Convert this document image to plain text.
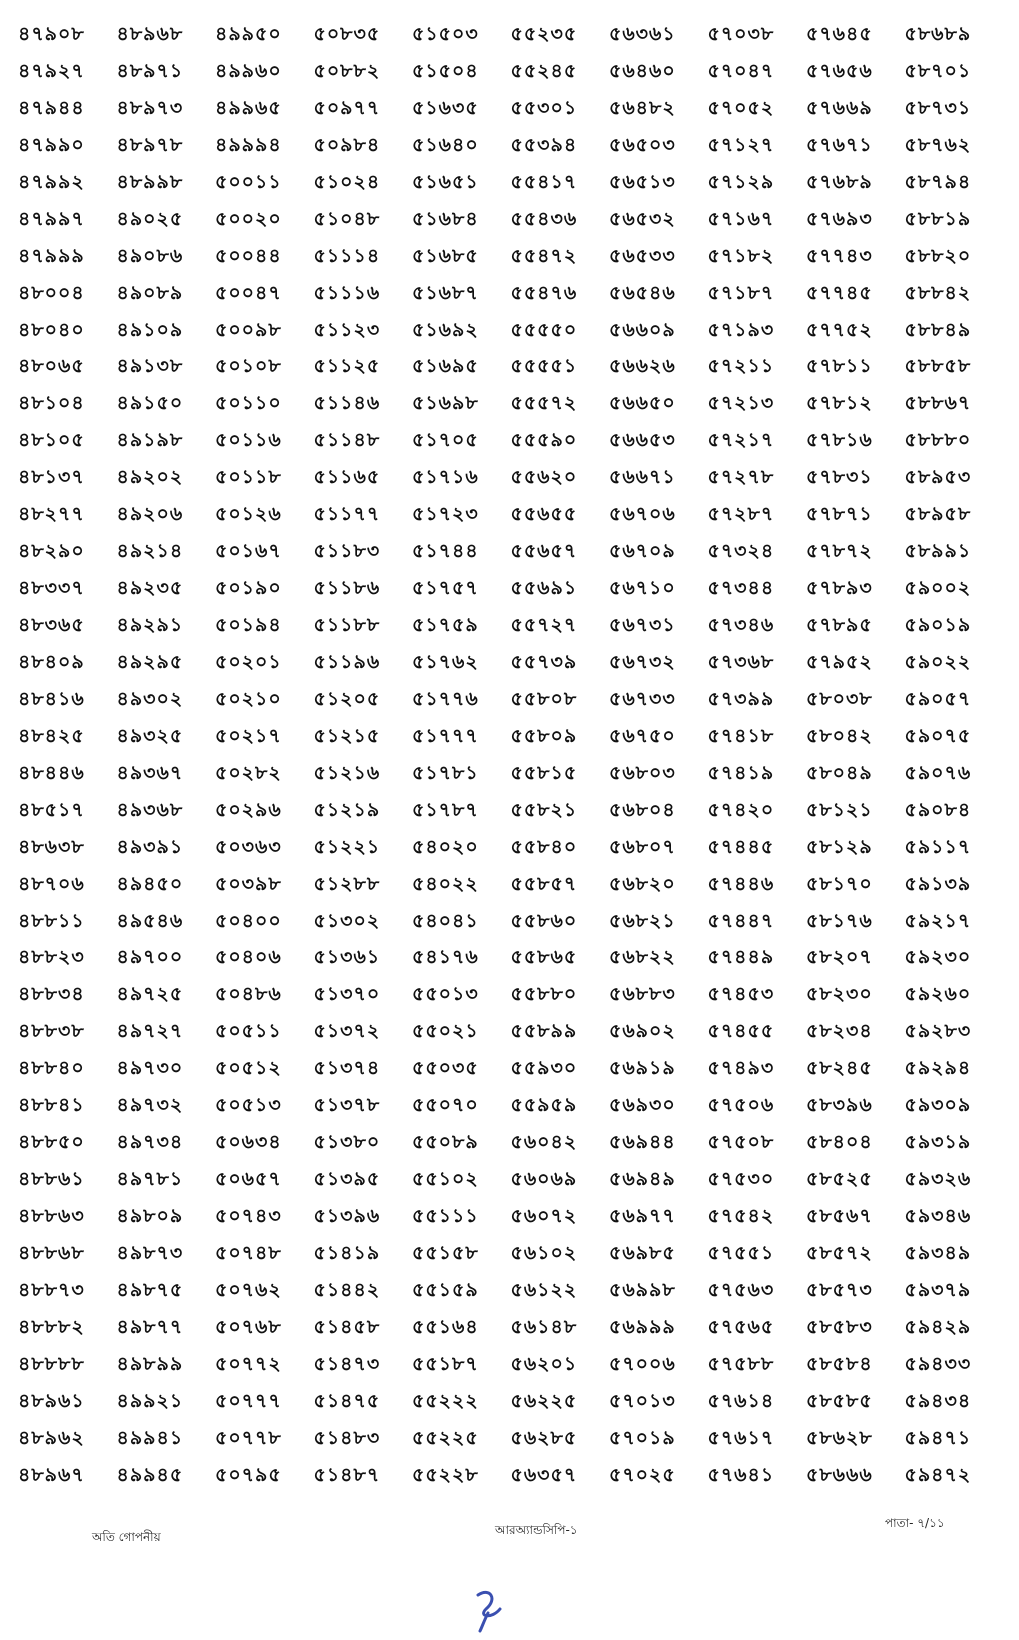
৪৭৯০৮	৪৮৯৬৮	৪৯৯৫০	৫০৮৩৫	৫১৫০৩	৫৫২৩৫	৫৬৩৬১	৫৭০৩৮	৫৭৬৪৫	৫৮৬৮৯
৪৭৯২৭	৪৮৯৭১	৪৯৯৬০	৫০৮৮২	৫১৫০৪	৫৫২৪৫	৫৬৪৬০	৫৭০৪৭	৫৭৬৫৬	৫৮৭০১
৪৭৯৪৪	৪৮৯৭৩	৪৯৯৬৫	৫০৯৭৭	৫১৬৩৫	৫৫৩০১	৫৬৪৮২	৫৭০৫২	৫৭৬৬৯	৫৮৭৩১
৪৭৯৯০	৪৮৯৭৮	৪৯৯৯৪	৫০৯৮৪	৫১৬৪০	৫৫৩৯৪	৫৬৫০৩	৫৭১২৭	৫৭৬৭১	৫৮৭৬২
৪৭৯৯২	৪৮৯৯৮	৫০০১১	৫১০২৪	৫১৬৫১	৫৫৪১৭	৫৬৫১৩	৫৭১২৯	৫৭৬৮৯	৫৮৭৯৪
৪৭৯৯৭	৪৯০২৫	৫০০২০	৫১০৪৮	৫১৬৮৪	৫৫৪৩৬	৫৬৫৩২	৫৭১৬৭	৫৭৬৯৩	৫৮৮১৯
৪৭৯৯৯	৪৯০৮৬	৫০০৪৪	৫১১১৪	৫১৬৮৫	৫৫৪৭২	৫৬৫৩৩	৫৭১৮২	৫৭৭৪৩	৫৮৮২০
৪৮০০৪	৪৯০৮৯	৫০০৪৭	৫১১১৬	৫১৬৮৭	৫৫৪৭৬	৫৬৫৪৬	৫৭১৮৭	৫৭৭৪৫	৫৮৮৪২
৪৮০৪০	৪৯১০৯	৫০০৯৮	৫১১২৩	৫১৬৯২	৫৫৫৫০	৫৬৬০৯	৫৭১৯৩	৫৭৭৫২	৫৮৮৪৯
৪৮০৬৫	৪৯১৩৮	৫০১০৮	৫১১২৫	৫১৬৯৫	৫৫৫৫১	৫৬৬২৬	৫৭২১১	৫৭৮১১	৫৮৮৫৮
৪৮১০৪	৪৯১৫০	৫০১১০	৫১১৪৬	৫১৬৯৮	৫৫৫৭২	৫৬৬৫০	৫৭২১৩	৫৭৮১২	৫৮৮৬৭
৪৮১০৫	৪৯১৯৮	৫০১১৬	৫১১৪৮	৫১৭০৫	৫৫৫৯০	৫৬৬৫৩	৫৭২১৭	৫৭৮১৬	৫৮৮৮০
৪৮১৩৭	৪৯২০২	৫০১১৮	৫১১৬৫	৫১৭১৬	৫৫৬২০	৫৬৬৭১	৫৭২৭৮	৫৭৮৩১	৫৮৯৫৩
৪৮২৭৭	৪৯২০৬	৫০১২৬	৫১১৭৭	৫১৭২৩	৫৫৬৫৫	৫৬৭০৬	৫৭২৮৭	৫৭৮৭১	৫৮৯৫৮
৪৮২৯০	৪৯২১৪	৫০১৬৭	৫১১৮৩	৫১৭৪৪	৫৫৬৫৭	৫৬৭০৯	৫৭৩২৪	৫৭৮৭২	৫৮৯৯১
৪৮৩৩৭	৪৯২৩৫	৫০১৯০	৫১১৮৬	৫১৭৫৭	৫৫৬৯১	৫৬৭১০	৫৭৩৪৪	৫৭৮৯৩	৫৯০০২
৪৮৩৬৫	৪৯২৯১	৫০১৯৪	৫১১৮৮	৫১৭৫৯	৫৫৭২৭	৫৬৭৩১	৫৭৩৪৬	৫৭৮৯৫	৫৯০১৯
৪৮৪০৯	৪৯২৯৫	৫০২০১	৫১১৯৬	৫১৭৬২	৫৫৭৩৯	৫৬৭৩২	৫৭৩৬৮	৫৭৯৫২	৫৯০২২
৪৮৪১৬	৪৯৩০২	৫০২১০	৫১২০৫	৫১৭৭৬	৫৫৮০৮	৫৬৭৩৩	৫৭৩৯৯	৫৮০৩৮	৫৯০৫৭
৪৮৪২৫	৪৯৩২৫	৫০২১৭	৫১২১৫	৫১৭৭৭	৫৫৮০৯	৫৬৭৫০	৫৭৪১৮	৫৮০৪২	৫৯০৭৫
৪৮৪৪৬	৪৯৩৬৭	৫০২৮২	৫১২১৬	৫১৭৮১	৫৫৮১৫	৫৬৮০৩	৫৭৪১৯	৫৮০৪৯	৫৯০৭৬
৪৮৫১৭	৪৯৩৬৮	৫০২৯৬	৫১২১৯	৫১৭৮৭	৫৫৮২১	৫৬৮০৪	৫৭৪২০	৫৮১২১	৫৯০৮৪
৪৮৬৩৮	৪৯৩৯১	৫০৩৬৩	৫১২২১	৫৪০২০	৫৫৮৪০	৫৬৮০৭	৫৭৪৪৫	৫৮১২৯	৫৯১১৭
৪৮৭০৬	৪৯৪৫০	৫০৩৯৮	৫১২৮৮	৫৪০২২	৫৫৮৫৭	৫৬৮২০	৫৭৪৪৬	৫৮১৭০	৫৯১৩৯
৪৮৮১১	৪৯৫৪৬	৫০৪০০	৫১৩০২	৫৪০৪১	৫৫৮৬০	৫৬৮২১	৫৭৪৪৭	৫৮১৭৬	৫৯২১৭
৪৮৮২৩	৪৯৭০০	৫০৪০৬	৫১৩৬১	৫৪১৭৬	৫৫৮৬৫	৫৬৮২২	৫৭৪৪৯	৫৮২০৭	৫৯২৩০
৪৮৮৩৪	৪৯৭২৫	৫০৪৮৬	৫১৩৭০	৫৫০১৩	৫৫৮৮০	৫৬৮৮৩	৫৭৪৫৩	৫৮২৩০	৫৯২৬০
৪৮৮৩৮	৪৯৭২৭	৫০৫১১	৫১৩৭২	৫৫০২১	৫৫৮৯৯	৫৬৯০২	৫৭৪৫৫	৫৮২৩৪	৫৯২৮৩
৪৮৮৪০	৪৯৭৩০	৫০৫১২	৫১৩৭৪	৫৫০৩৫	৫৫৯৩০	৫৬৯১৯	৫৭৪৯৩	৫৮২৪৫	৫৯২৯৪
৪৮৮৪১	৪৯৭৩২	৫০৫১৩	৫১৩৭৮	৫৫০৭০	৫৫৯৫৯	৫৬৯৩০	৫৭৫০৬	৫৮৩৯৬	৫৯৩০৯
৪৮৮৫০	৪৯৭৩৪	৫০৬৩৪	৫১৩৮০	৫৫০৮৯	৫৬০৪২	৫৬৯৪৪	৫৭৫০৮	৫৮৪০৪	৫৯৩১৯
৪৮৮৬১	৪৯৭৮১	৫০৬৫৭	৫১৩৯৫	৫৫১০২	৫৬০৬৯	৫৬৯৪৯	৫৭৫৩০	৫৮৫২৫	৫৯৩২৬
৪৮৮৬৩	৪৯৮০৯	৫০৭৪৩	৫১৩৯৬	৫৫১১১	৫৬০৭২	৫৬৯৭৭	৫৭৫৪২	৫৮৫৬৭	৫৯৩৪৬
৪৮৮৬৮	৪৯৮৭৩	৫০৭৪৮	৫১৪১৯	৫৫১৫৮	৫৬১০২	৫৬৯৮৫	৫৭৫৫১	৫৮৫৭২	৫৯৩৪৯
৪৮৮৭৩	৪৯৮৭৫	৫০৭৬২	৫১৪৪২	৫৫১৫৯	৫৬১২২	৫৬৯৯৮	৫৭৫৬৩	৫৮৫৭৩	৫৯৩৭৯
৪৮৮৮২	৪৯৮৭৭	৫০৭৬৮	৫১৪৫৮	৫৫১৬৪	৫৬১৪৮	৫৬৯৯৯	৫৭৫৬৫	৫৮৫৮৩	৫৯৪২৯
৪৮৮৮৮	৪৯৮৯৯	৫০৭৭২	৫১৪৭৩	৫৫১৮৭	৫৬২০১	৫৭০০৬	৫৭৫৮৮	৫৮৫৮৪	৫৯৪৩৩
৪৮৯৬১	৪৯৯২১	৫০৭৭৭	৫১৪৭৫	৫৫২২২	৫৬২২৫	৫৭০১৩	৫৭৬১৪	৫৮৫৮৫	৫৯৪৩৪
৪৮৯৬২	৪৯৯৪১	৫০৭৭৮	৫১৪৮৩	৫৫২২৫	৫৬২৮৫	৫৭০১৯	৫৭৬১৭	৫৮৬২৮	৫৯৪৭১
৪৮৯৬৭	৪৯৯৪৫	৫০৭৯৫	৫১৪৮৭	৫৫২২৮	৫৬৩৫৭	৫৭০২৫	৫৭৬৪১	৫৮৬৬৬	৫৯৪৭২
অতি গোপনীয়	আরঅ্যান্ডসিপি-১	পাতা- ৭/১১
